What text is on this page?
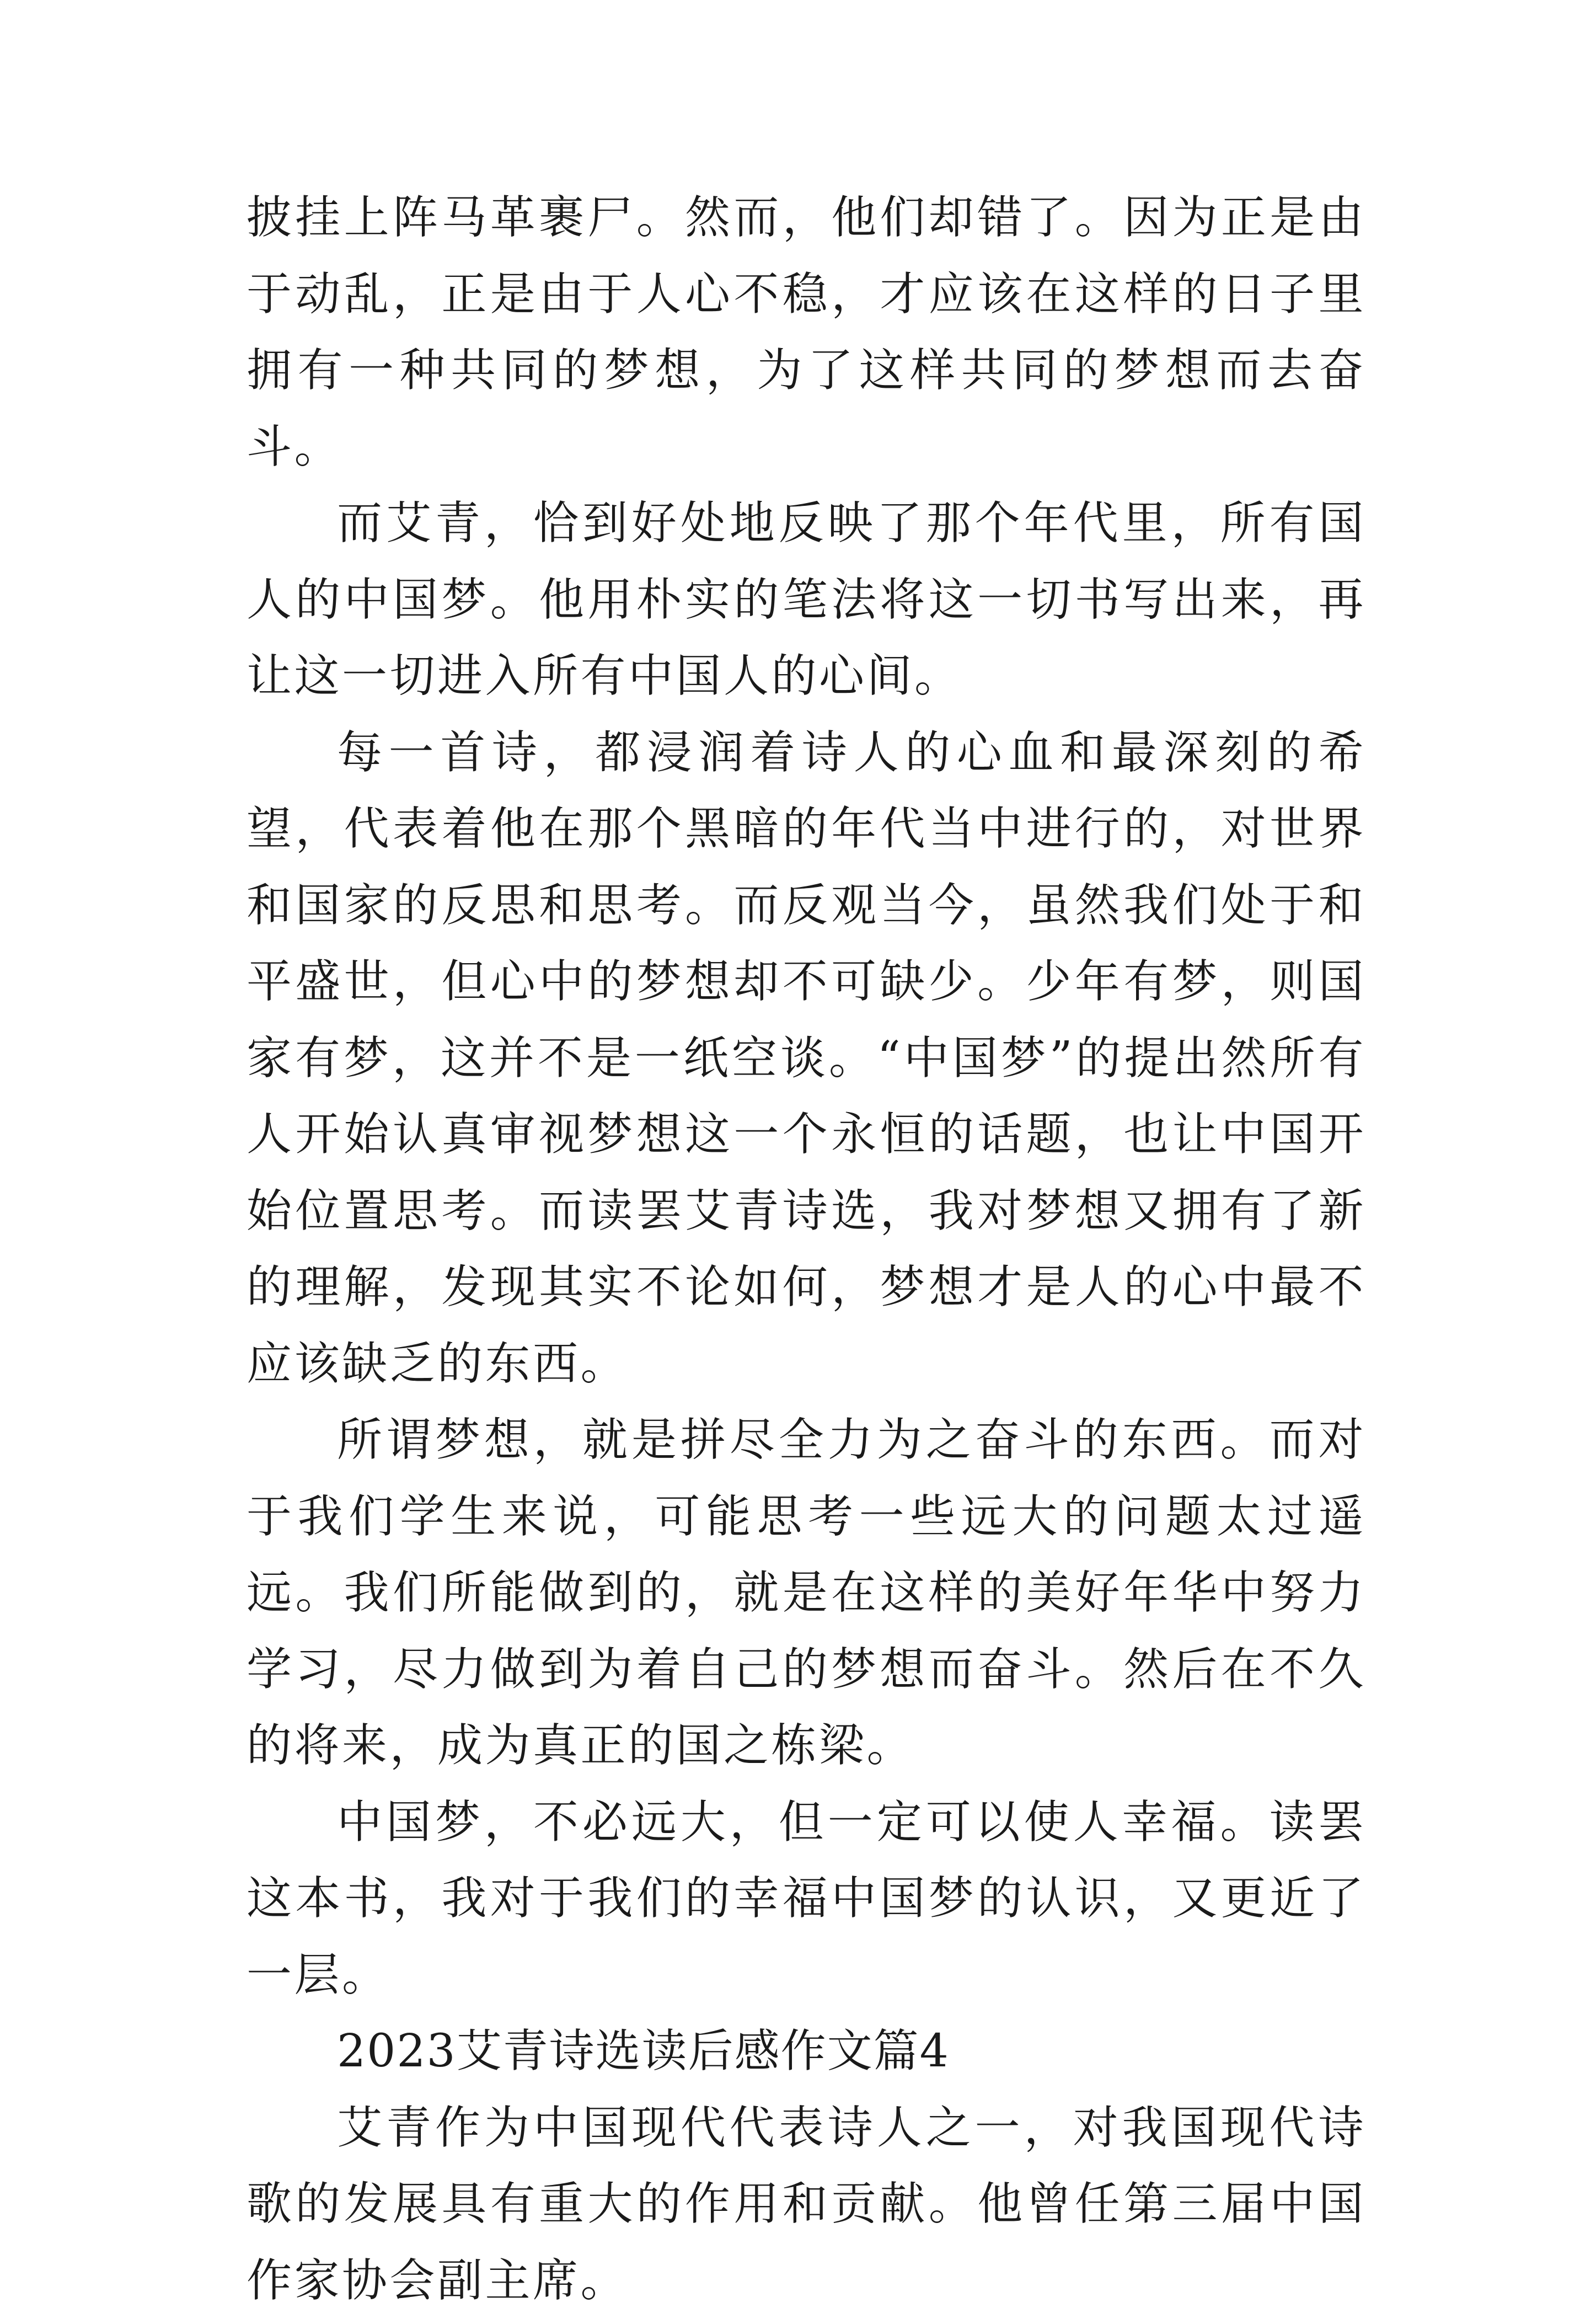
披挂上阵马革裹尸。然而，他们却错了。因为正是由于动乱，正是由于人心不稳，才应该在这样的日子里拥有一种共同的梦想，为了这样共同的梦想而去奋斗。

而艾青，恰到好处地反映了那个年代里，所有国人的中国梦。他用朴实的笔法将这一切书写出来，再让这一切进入所有中国人的心间。

每一首诗，都浸润着诗人的心血和最深刻的希望，代表着他在那个黑暗的年代当中进行的，对世界和国家的反思和思考。而反观当今，虽然我们处于和平盛世，但心中的梦想却不可缺少。少年有梦，则国家有梦，这并不是一纸空谈。“中国梦”的提出然所有人开始认真审视梦想这一个永恒的话题，也让中国开始位置思考。而读罢艾青诗选，我对梦想又拥有了新的理解，发现其实不论如何，梦想才是人的心中最不应该缺乏的东西。

所谓梦想，就是拼尽全力为之奋斗的东西。而对于我们学生来说，可能思考一些远大的问题太过遥远。我们所能做到的，就是在这样的美好年华中努力学习，尽力做到为着自己的梦想而奋斗。然后在不久的将来，成为真正的国之栋梁。

中国梦，不必远大，但一定可以使人幸福。读罢这本书，我对于我们的幸福中国梦的认识，又更近了一层。

2023艾青诗选读后感作文篇4

艾青作为中国现代代表诗人之一，对我国现代诗歌的发展具有重大的作用和贡献。他曾任第三届中国作家协会副主席。
